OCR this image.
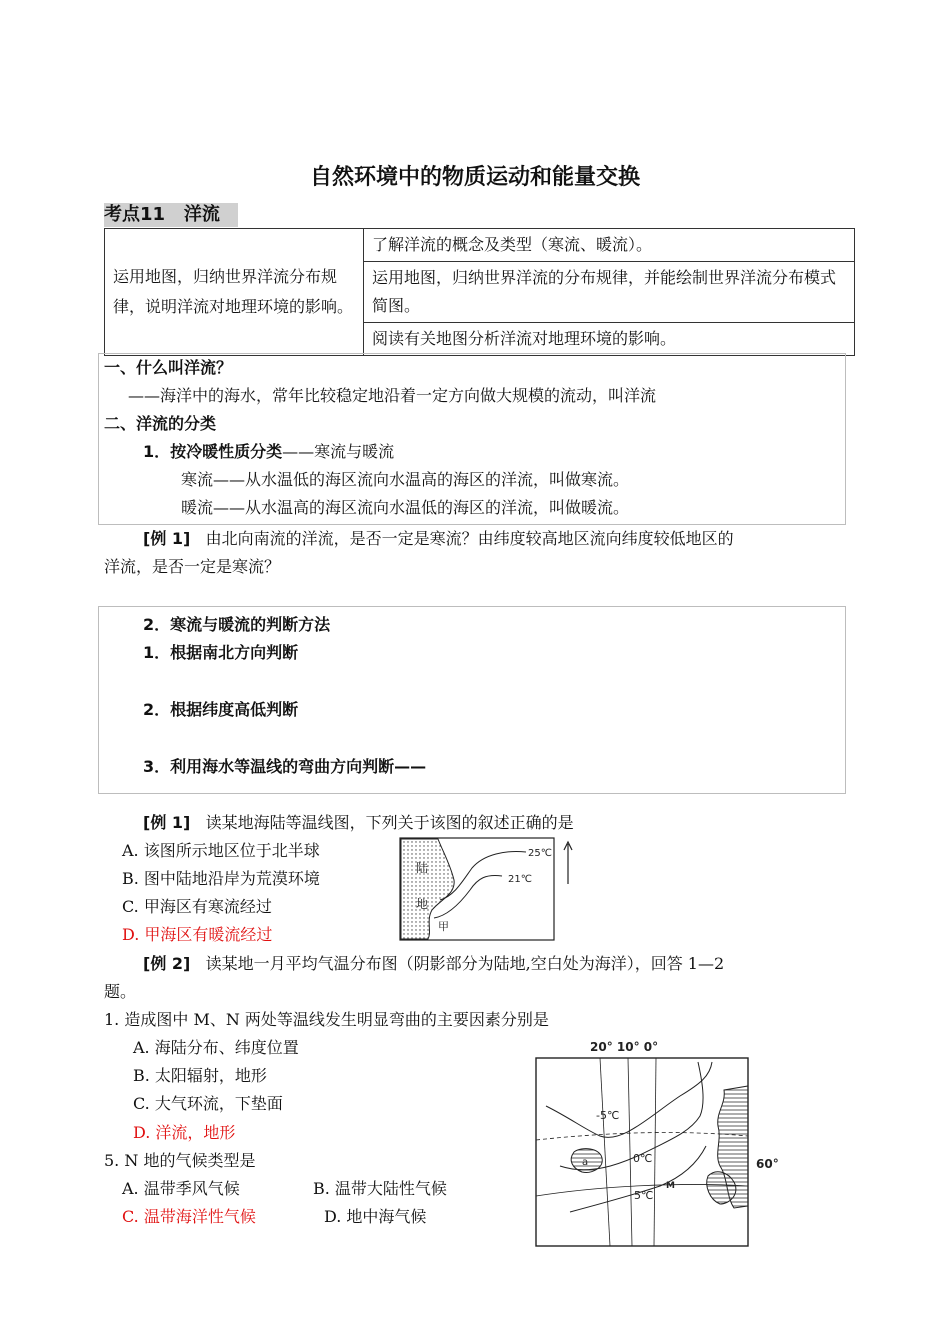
自然环境中的物质运动和能量交换
考点11 洋流
运用地图，归纳世界洋流分布规律，说明洋流对地理环境的影响。	了解洋流的概念及类型（寒流、暖流）。
运用地图，归纳世界洋流的分布规律，并能绘制世界洋流分布模式简图。
阅读有关地图分析洋流对地理环境的影响。
一、什么叫洋流？
——海洋中的海水，常年比较稳定地沿着一定方向做大规模的流动，叫洋流
二、洋流的分类
1．按冷暖性质分类——寒流与暖流
寒流——从水温低的海区流向水温高的海区的洋流，叫做寒流。
暖流——从水温高的海区流向水温低的海区的洋流，叫做暖流。
[例 1] 由北向南流的洋流，是否一定是寒流？由纬度较高地区流向纬度较低地区的
洋流，是否一定是寒流？
2．寒流与暖流的判断方法
1．根据南北方向判断
2．根据纬度高低判断
3．利用海水等温线的弯曲方向判断——
[例 1] 读某地海陆等温线图，下列关于该图的叙述正确的是
A. 该图所示地区位于北半球
B. 图中陆地沿岸为荒漠环境
C. 甲海区有寒流经过
D. 甲海区有暖流经过
陆
地
25℃
21℃
甲
[例 2] 读某地一月平均气温分布图（阴影部分为陆地,空白处为海洋），回答 1—2
题。
1. 造成图中 M、N 两处等温线发生明显弯曲的主要因素分别是
A. 海陆分布、纬度位置
B. 太阳辐射，地形
C. 大气环流，下垫面
D. 洋流，地形
5. N 地的气候类型是
A. 温带季风气候	B. 温带大陆性气候
C. 温带海洋性气候	D. 地中海气候
20° 10° 0°
a
-5℃
0℃
5℃
M
60°
